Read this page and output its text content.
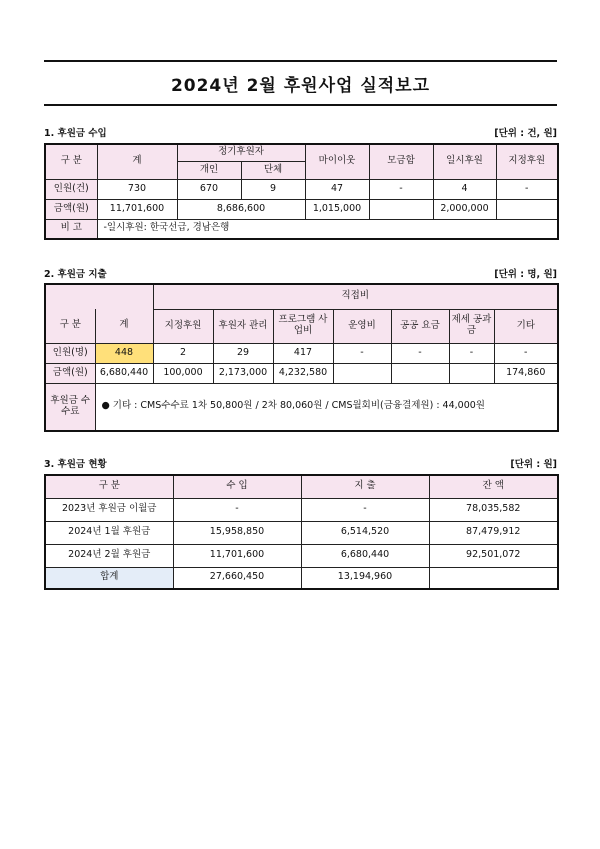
2024년 2월 후원사업 실적보고
1. 후원금 수입	[단위 : 건, 원]
구 분	계	정기후원자		마이이웃	모금함	일시후원	지정후원
		개인	단체				
인원(건)	730	670	9	47	-	4	-
금액(원)	11,701,600	8,686,600		1,015,000		2,000,000	
비 고	-일시후원: 한국선급, 경남은행						
2. 후원금 지출	[단위 : 명, 원]
		직접비						
구 분	계	지정후원	후원자 관리	프로그램 사업비	운영비	공공 요금	제세 공과금	기타
인원(명)	448	2	29	417	-	-	-	-
금액(원)	6,680,440	100,000	2,173,000	4,232,580				174,860
후원금 수수료	● 기타 : CMS수수료 1차 50,800원 / 2차 80,060원 / CMS월회비(금융결제원) : 44,000원							
3. 후원금 현황	[단위 : 원]
구 분	수 입	지 출	잔 액
2023년 후원금 이월금	-	-	78,035,582
2024년 1월 후원금	15,958,850	6,514,520	87,479,912
2024년 2월 후원금	11,701,600	6,680,440	92,501,072
합계	27,660,450	13,194,960	
